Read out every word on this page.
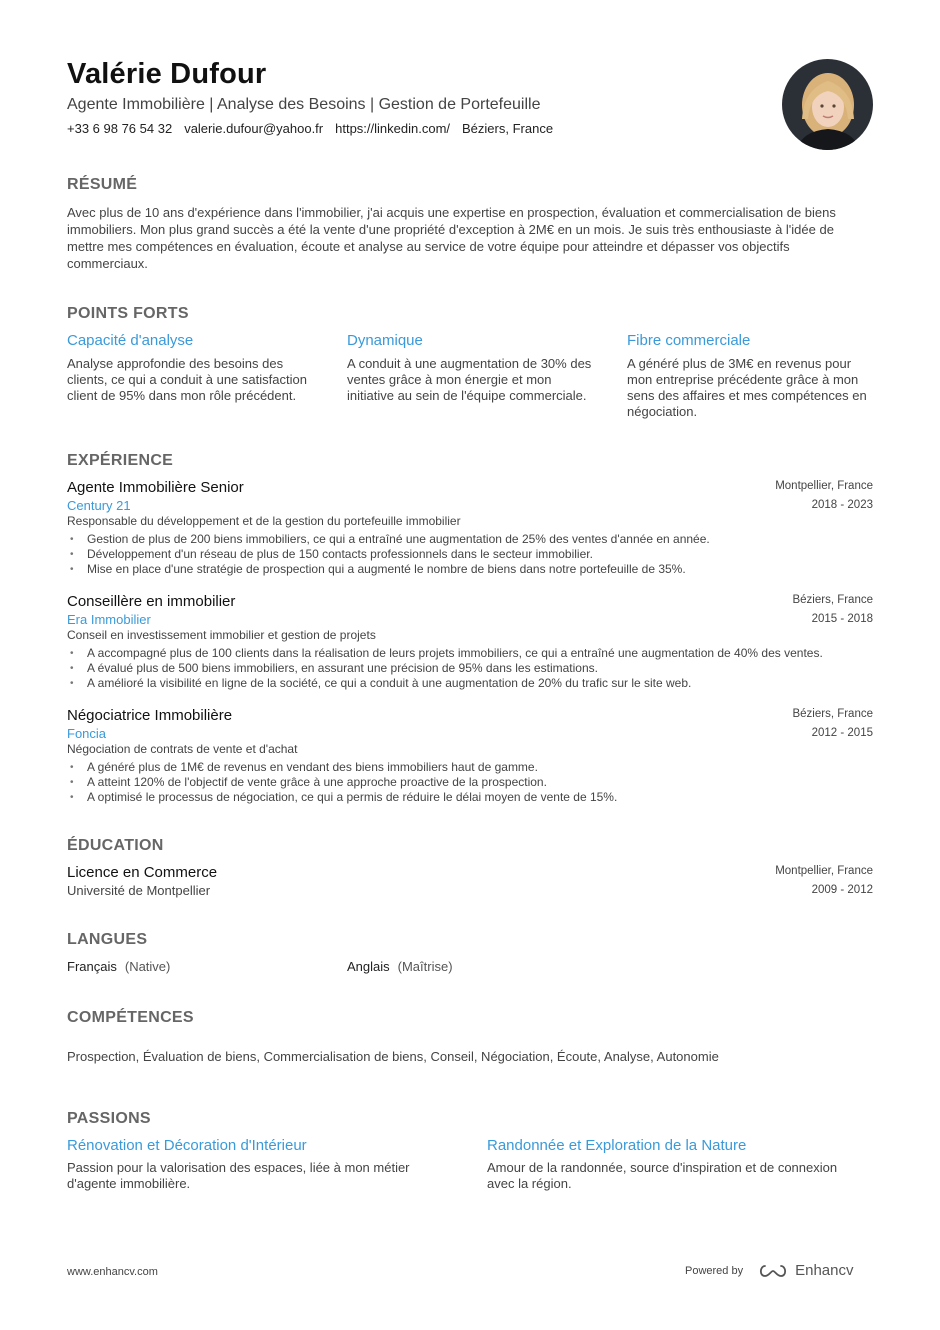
Valérie Dufour
Agente Immobilière | Analyse des Besoins | Gestion de Portefeuille
+33 6 98 76 54 32 valerie.dufour@yahoo.fr https://linkedin.com/ Béziers, France
RÉSUMÉ
Avec plus de 10 ans d'expérience dans l'immobilier, j'ai acquis une expertise en prospection, évaluation et commercialisation de biens immobiliers. Mon plus grand succès a été la vente d'une propriété d'exception à 2M€ en un mois. Je suis très enthousiaste à l'idée de mettre mes compétences en évaluation, écoute et analyse au service de votre équipe pour atteindre et dépasser vos objectifs commerciaux.
POINTS FORTS
Capacité d'analyse
Analyse approfondie des besoins des clients, ce qui a conduit à une satisfaction client de 95% dans mon rôle précédent.
Dynamique
A conduit à une augmentation de 30% des ventes grâce à mon énergie et mon initiative au sein de l'équipe commerciale.
Fibre commerciale
A généré plus de 3M€ en revenus pour mon entreprise précédente grâce à mon sens des affaires et mes compétences en négociation.
EXPÉRIENCE
Agente Immobilière Senior
Century 21
Responsable du développement et de la gestion du portefeuille immobilier
• Gestion de plus de 200 biens immobiliers, ce qui a entraîné une augmentation de 25% des ventes d'année en année.
• Développement d'un réseau de plus de 150 contacts professionnels dans le secteur immobilier.
• Mise en place d'une stratégie de prospection qui a augmenté le nombre de biens dans notre portefeuille de 35%.
Montpellier, France
2018 - 2023
Conseillère en immobilier
Era Immobilier
Conseil en investissement immobilier et gestion de projets
• A accompagné plus de 100 clients dans la réalisation de leurs projets immobiliers, ce qui a entraîné une augmentation de 40% des ventes.
• A évalué plus de 500 biens immobiliers, en assurant une précision de 95% dans les estimations.
• A amélioré la visibilité en ligne de la société, ce qui a conduit à une augmentation de 20% du trafic sur le site web.
Béziers, France
2015 - 2018
Négociatrice Immobilière
Foncia
Négociation de contrats de vente et d'achat
• A généré plus de 1M€ de revenus en vendant des biens immobiliers haut de gamme.
• A atteint 120% de l'objectif de vente grâce à une approche proactive de la prospection.
• A optimisé le processus de négociation, ce qui a permis de réduire le délai moyen de vente de 15%.
Béziers, France
2012 - 2015
ÉDUCATION
Licence en Commerce
Université de Montpellier
Montpellier, France
2009 - 2012
LANGUES
Français (Native)	Anglais (Maîtrise)
COMPÉTENCES
Prospection, Évaluation de biens, Commercialisation de biens, Conseil, Négociation, Écoute, Analyse, Autonomie
PASSIONS
Rénovation et Décoration d'Intérieur
Passion pour la valorisation des espaces, liée à mon métier d'agente immobilière.
Randonnée et Exploration de la Nature
Amour de la randonnée, source d'inspiration et de connexion avec la région.
www.enhancv.com	Powered by	Enhancv
